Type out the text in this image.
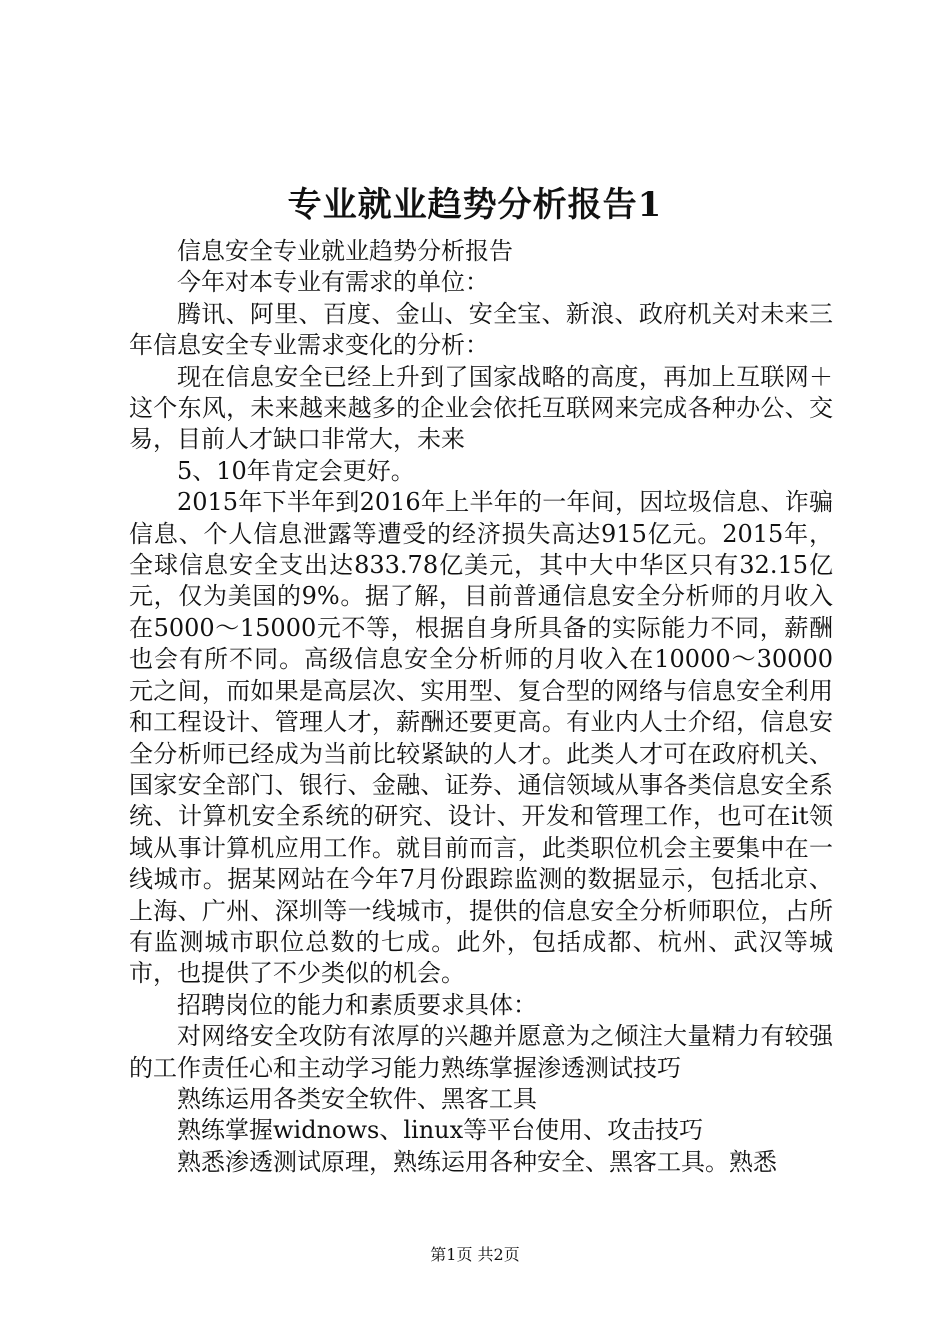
专业就业趋势分析报告1

信息安全专业就业趋势分析报告

今年对本专业有需求的单位：

腾讯、阿里、百度、金山、安全宝、新浪、政府机关对未来三年信息安全专业需求变化的分析：

现在信息安全已经上升到了国家战略的高度，再加上互联网＋这个东风，未来越来越多的企业会依托互联网来完成各种办公、交易，目前人才缺口非常大，未来

5、10年肯定会更好。

2015年下半年到2016年上半年的一年间，因垃圾信息、诈骗信息、个人信息泄露等遭受的经济损失高达915亿元。2015年，全球信息安全支出达833.78亿美元，其中大中华区只有32.15亿元，仅为美国的9%。据了解，目前普通信息安全分析师的月收入在5000～15000元不等，根据自身所具备的实际能力不同，薪酬也会有所不同。高级信息安全分析师的月收入在10000～30000元之间，而如果是高层次、实用型、复合型的网络与信息安全利用和工程设计、管理人才，薪酬还要更高。有业内人士介绍，信息安全分析师已经成为当前比较紧缺的人才。此类人才可在政府机关、国家安全部门、银行、金融、证券、通信领域从事各类信息安全系统、计算机安全系统的研究、设计、开发和管理工作，也可在it领域从事计算机应用工作。就目前而言，此类职位机会主要集中在一线城市。据某网站在今年7月份跟踪监测的数据显示，包括北京、上海、广州、深圳等一线城市，提供的信息安全分析师职位，占所有监测城市职位总数的七成。此外，包括成都、杭州、武汉等城市，也提供了不少类似的机会。

招聘岗位的能力和素质要求具体：

对网络安全攻防有浓厚的兴趣并愿意为之倾注大量精力有较强的工作责任心和主动学习能力熟练掌握渗透测试技巧

熟练运用各类安全软件、黑客工具

熟练掌握widnows、linux等平台使用、攻击技巧

熟悉渗透测试原理，熟练运用各种安全、黑客工具。熟悉

第1页 共2页
